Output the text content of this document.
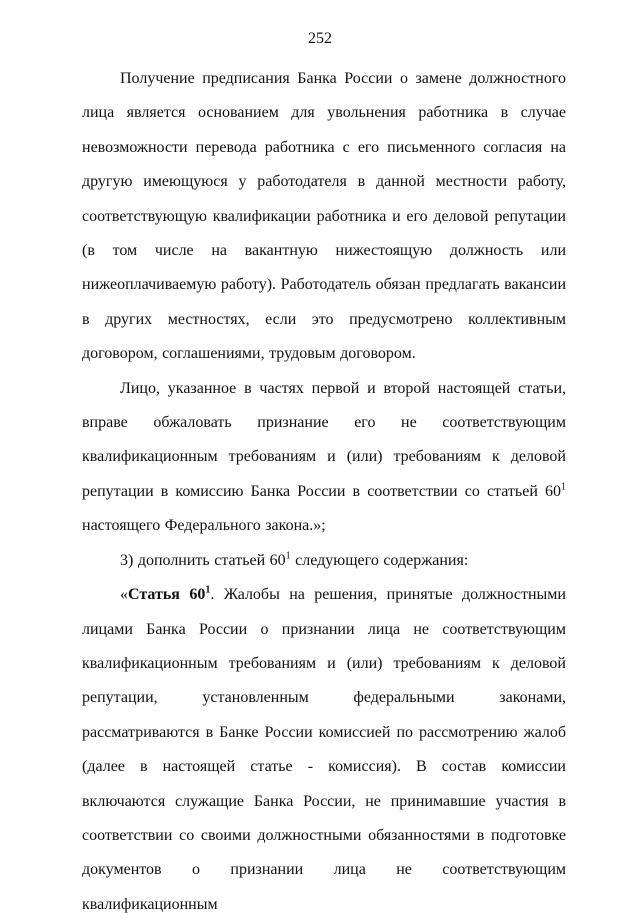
252

Получение предписания Банка России о замене должностного лица является основанием для увольнения работника в случае невозможности перевода работника с его письменного согласия на другую имеющуюся у работодателя в данной местности работу, соответствующую квалификации работника и его деловой репутации (в том числе на вакантную нижестоящую должность или нижеоплачиваемую работу). Работодатель обязан предлагать вакансии в других местностях, если это предусмотрено коллективным договором, соглашениями, трудовым договором.

Лицо, указанное в частях первой и второй настоящей статьи, вправе обжаловать признание его не соответствующим квалификационным требованиям и (или) требованиям к деловой репутации в комиссию Банка России в соответствии со статьей $60^1$ настоящего Федерального закона.»;

3) дополнить статьей $60^1$ следующего содержания:

«Статья $60^1$. Жалобы на решения, принятые должностными лицами Банка России о признании лица не соответствующим квалификационным требованиям и (или) требованиям к деловой репутации, установленным федеральными законами, рассматриваются в Банке России комиссией по рассмотрению жалоб (далее в настоящей статье - комиссия). В состав комиссии включаются служащие Банка России, не принимавшие участия в соответствии со своими должностными обязанностями в подготовке документов о признании лица не соответствующим квалификационным
